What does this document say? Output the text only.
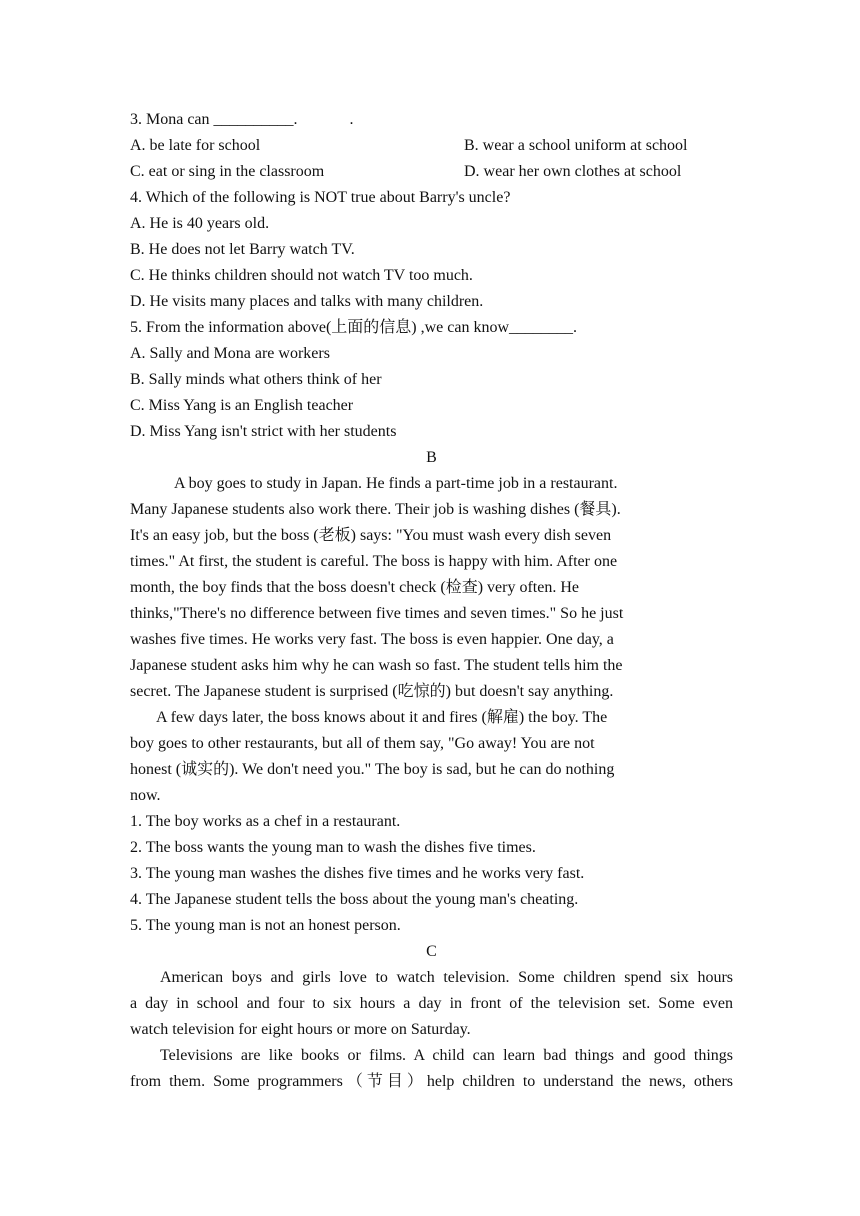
3. Mona can __________.	.
A. be late for school	B. wear a school uniform at school
C. eat or sing in the classroom	D. wear her own clothes at school
4. Which of the following is NOT true about Barry's uncle?
A. He is 40 years old.
B. He does not let Barry watch TV.
C. He thinks children should not watch TV too much.
D. He visits many places and talks with many children.
5. From the information above(上面的信息) ,we can know________.
A. Sally and Mona are workers
B. Sally minds what others think of her
C. Miss Yang is an English teacher
D. Miss Yang isn't strict with her students
B
A boy goes to study in Japan. He finds a part-time job in a restaurant.
Many Japanese students also work there. Their job is washing dishes (餐具).
It's an easy job, but the boss (老板) says: "You must wash every dish seven
times." At first, the student is careful. The boss is happy with him. After one
month, the boy finds that the boss doesn't check (检查) very often. He
thinks,"There's no difference between five times and seven times." So he just
washes five times. He works very fast. The boss is even happier. One day, a
Japanese student asks him why he can wash so fast. The student tells him the
secret. The Japanese student is surprised (吃惊的) but doesn't say anything.
A few days later, the boss knows about it and fires (解雇) the boy. The
boy goes to other restaurants, but all of them say, "Go away! You are not
honest (诚实的). We don't need you." The boy is sad, but he can do nothing
now.
1. The boy works as a chef in a restaurant.
2. The boss wants the young man to wash the dishes five times.
3. The young man washes the dishes five times and he works very fast.
4. The Japanese student tells the boss about the young man's cheating.
5. The young man is not an honest person.
C
American boys and girls love to watch television. Some children spend six hours
a day in school and four to six hours a day in front of the television set. Some even
watch television for eight hours or more on Saturday.
Televisions are like books or films. A child can learn bad things and good things
from them. Some programmers（节目）help children to understand the news, others
